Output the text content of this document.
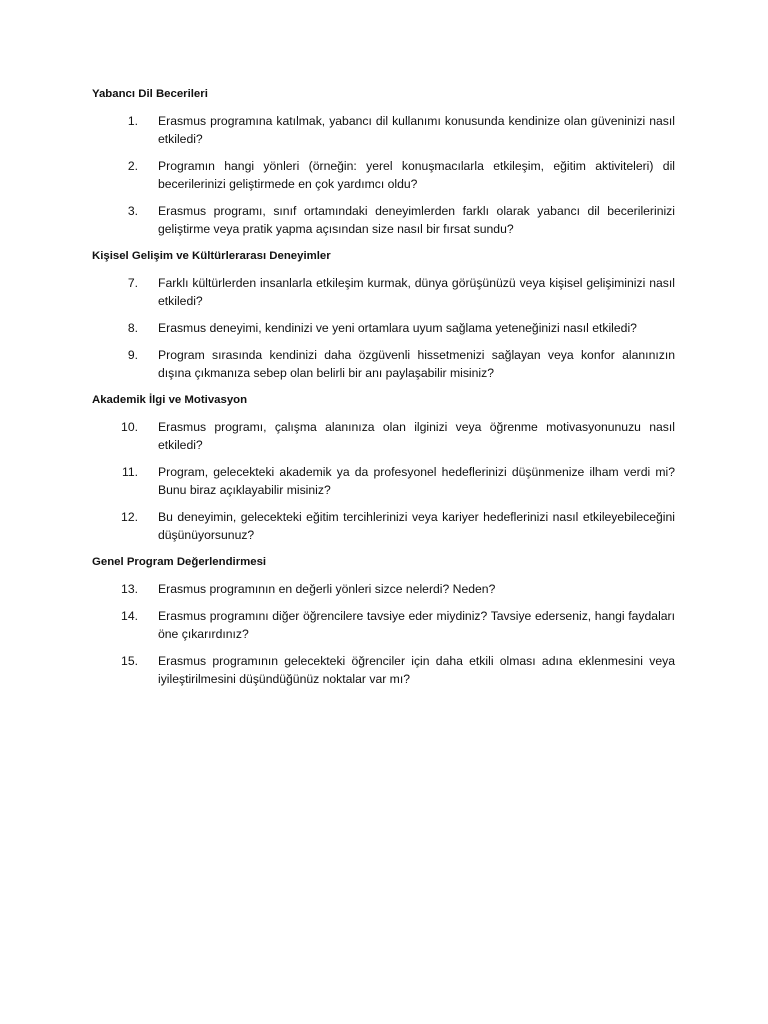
Yabancı Dil Becerileri
1.	Erasmus programına katılmak, yabancı dil kullanımı konusunda kendinize olan güveninizi nasıl etkiledi?
2.	Programın hangi yönleri (örneğin: yerel konuşmacılarla etkileşim, eğitim aktiviteleri) dil becerilerinizi geliştirmede en çok yardımcı oldu?
3.	Erasmus programı, sınıf ortamındaki deneyimlerden farklı olarak yabancı dil becerilerinizi geliştirme veya pratik yapma açısından size nasıl bir fırsat sundu?
Kişisel Gelişim ve Kültürlerarası Deneyimler
7.	Farklı kültürlerden insanlarla etkileşim kurmak, dünya görüşünüzü veya kişisel gelişiminizi nasıl etkiledi?
8.	Erasmus deneyimi, kendinizi ve yeni ortamlara uyum sağlama yeteneğinizi nasıl etkiledi?
9.	Program sırasında kendinizi daha özgüvenli hissetmenizi sağlayan veya konfor alanınızın dışına çıkmanıza sebep olan belirli bir anı paylaşabilir misiniz?
Akademik İlgi ve Motivasyon
10.	Erasmus programı, çalışma alanınıza olan ilginizi veya öğrenme motivasyonunuzu nasıl etkiledi?
11.	Program, gelecekteki akademik ya da profesyonel hedeflerinizi düşünmenize ilham verdi mi? Bunu biraz açıklayabilir misiniz?
12.	Bu deneyimin, gelecekteki eğitim tercihlerinizi veya kariyer hedeflerinizi nasıl etkileyebileceğini düşünüyorsunuz?
Genel Program Değerlendirmesi
13.	Erasmus programının en değerli yönleri sizce nelerdi? Neden?
14.	Erasmus programını diğer öğrencilere tavsiye eder miydiniz? Tavsiye ederseniz, hangi faydaları öne çıkarırdınız?
15.	Erasmus programının gelecekteki öğrenciler için daha etkili olması adına eklenmesini veya iyileştirilmesini düşündüğünüz noktalar var mı?
